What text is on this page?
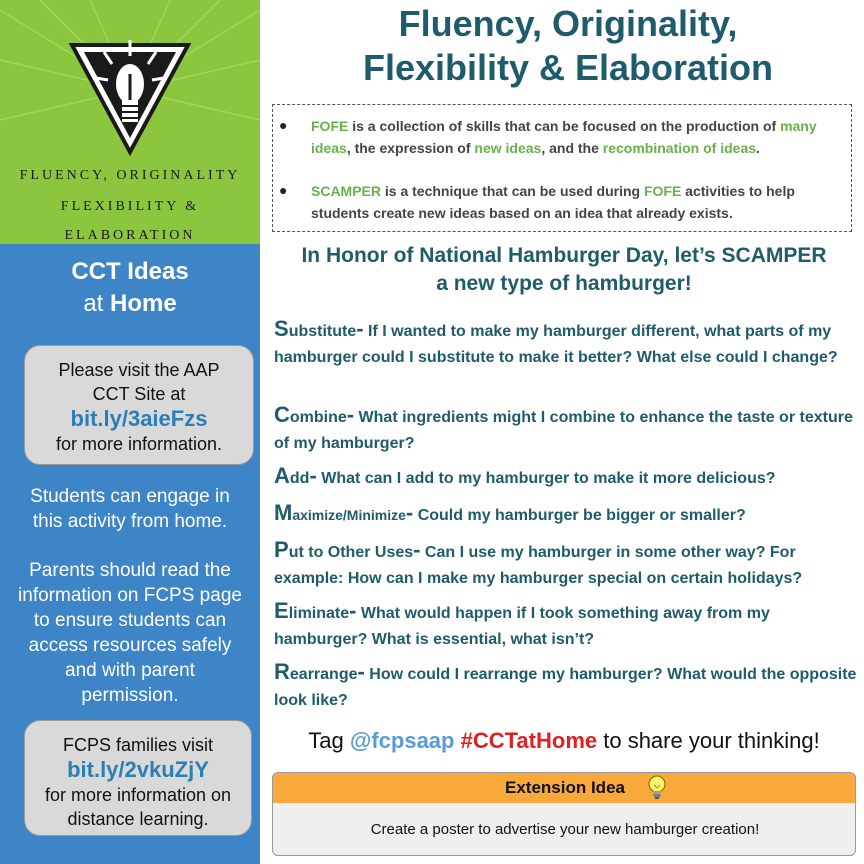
FLUENCY, ORIGINALITY
FLEXIBILITY &
ELABORATION
CCT Ideas
at Home
Please visit the AAP
CCT Site at
bit.ly/3aieFzs
for more information.
Students can engage in this activity from home.
Parents should read the information on FCPS page to ensure students can access resources safely and with parent permission.
FCPS families visit
bit.ly/2vkuZjY
for more information on distance learning.
Fluency, Originality,
Flexibility & Elaboration
● FOFE is a collection of skills that can be focused on the production of many ideas, the expression of new ideas, and the recombination of ideas.
● SCAMPER is a technique that can be used during FOFE activities to help students create new ideas based on an idea that already exists.
In Honor of National Hamburger Day, let’s SCAMPER
a new type of hamburger!
Substitute- If I wanted to make my hamburger different, what parts of my hamburger could I substitute to make it better? What else could I change?
Combine- What ingredients might I combine to enhance the taste or texture of my hamburger?
Add- What can I add to my hamburger to make it more delicious?
Maximize/Minimize- Could my hamburger be bigger or smaller?
Put to Other Uses- Can I use my hamburger in some other way? For example: How can I make my hamburger special on certain holidays?
Eliminate- What would happen if I took something away from my hamburger? What is essential, what isn’t?
Rearrange- How could I rearrange my hamburger? What would the opposite look like?
Tag @fcpsaap #CCTatHome to share your thinking!
Extension Idea
Create a poster to advertise your new hamburger creation!
